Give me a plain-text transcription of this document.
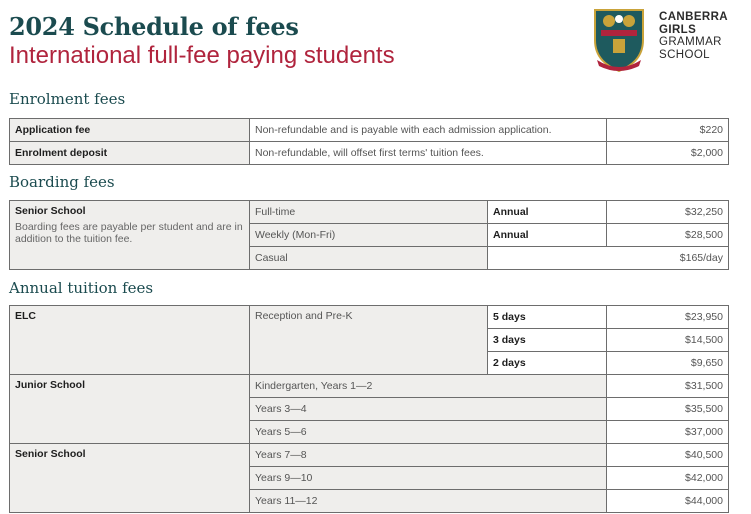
2024 Schedule of fees
International full-fee paying students
CANBERRA
GIRLS
GRAMMAR
SCHOOL
Enrolment fees
Application fee	Non-refundable and is payable with each admission application.	$220
Enrolment deposit	Non-refundable, will offset first terms' tuition fees.	$2,000
Boarding fees
Senior School
Boarding fees are payable per student and are in addition to the tuition fee.	Full-time	Annual	$32,250
	Weekly (Mon-Fri)	Annual	$28,500
	Casual	$165/day	
Annual tuition fees
ELC	Reception and Pre-K	5 days	$23,950
		3 days	$14,500
		2 days	$9,650
Junior School	Kindergarten, Years 1—2		$31,500
	Years 3—4		$35,500
	Years 5—6		$37,000
Senior School	Years 7—8		$40,500
	Years 9—10		$42,000
	Years 11—12		$44,000
